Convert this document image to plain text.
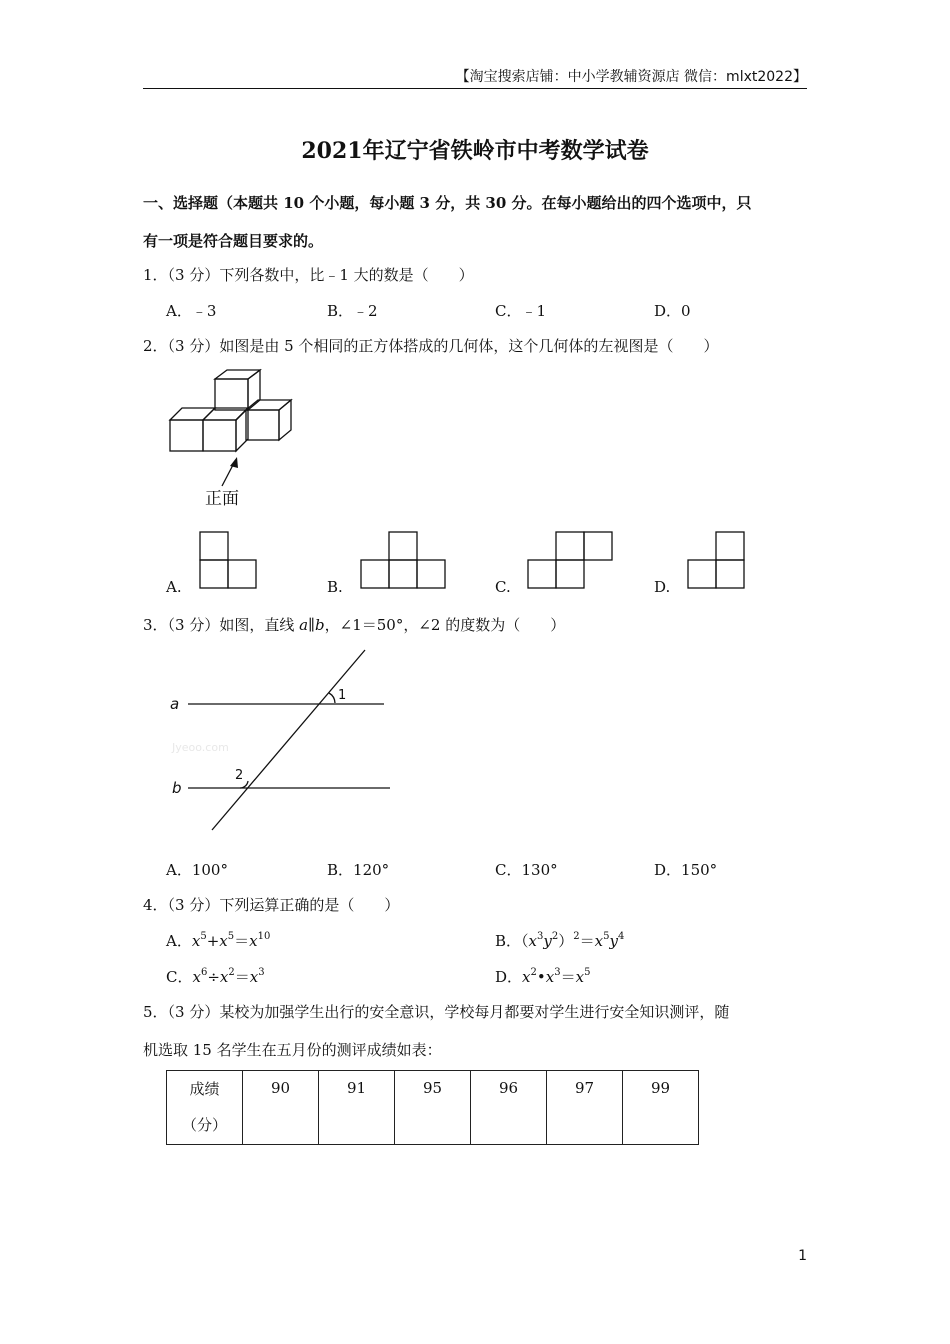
【淘宝搜索店铺：中小学教辅资源店 微信：mlxt2022】
2021年辽宁省铁岭市中考数学试卷
一、选择题（本题共 10 个小题，每小题 3 分，共 30 分。在每小题给出的四个选项中，只
有一项是符合题目要求的。
1．（3 分）下列各数中，比﹣1 大的数是（　　）
A．﹣3	B．﹣2	C．﹣1	D．0
2．（3 分）如图是由 5 个相同的正方体搭成的几何体，这个几何体的左视图是（　　）
正面
A.	B.	C.	D.
3．（3 分）如图，直线 a∥b，∠1＝50°，∠2 的度数为（　　）
a
b
1
2
Jyeoo.com
A．100°	B．120°	C．130°	D．150°
4．（3 分）下列运算正确的是（　　）
A．$x^5+x^5=x^{10}$	B．$(x^3y^2)^2=x^5y^4$
C．$x^6\div x^2=x^3$	D．$x^2•x^3=x^5$
5．（3 分）某校为加强学生出行的安全意识，学校每月都要对学生进行安全知识测评，随
机选取 15 名学生在五月份的测评成绩如表：
成绩
（分）	90	91	95	96	97	99
1
